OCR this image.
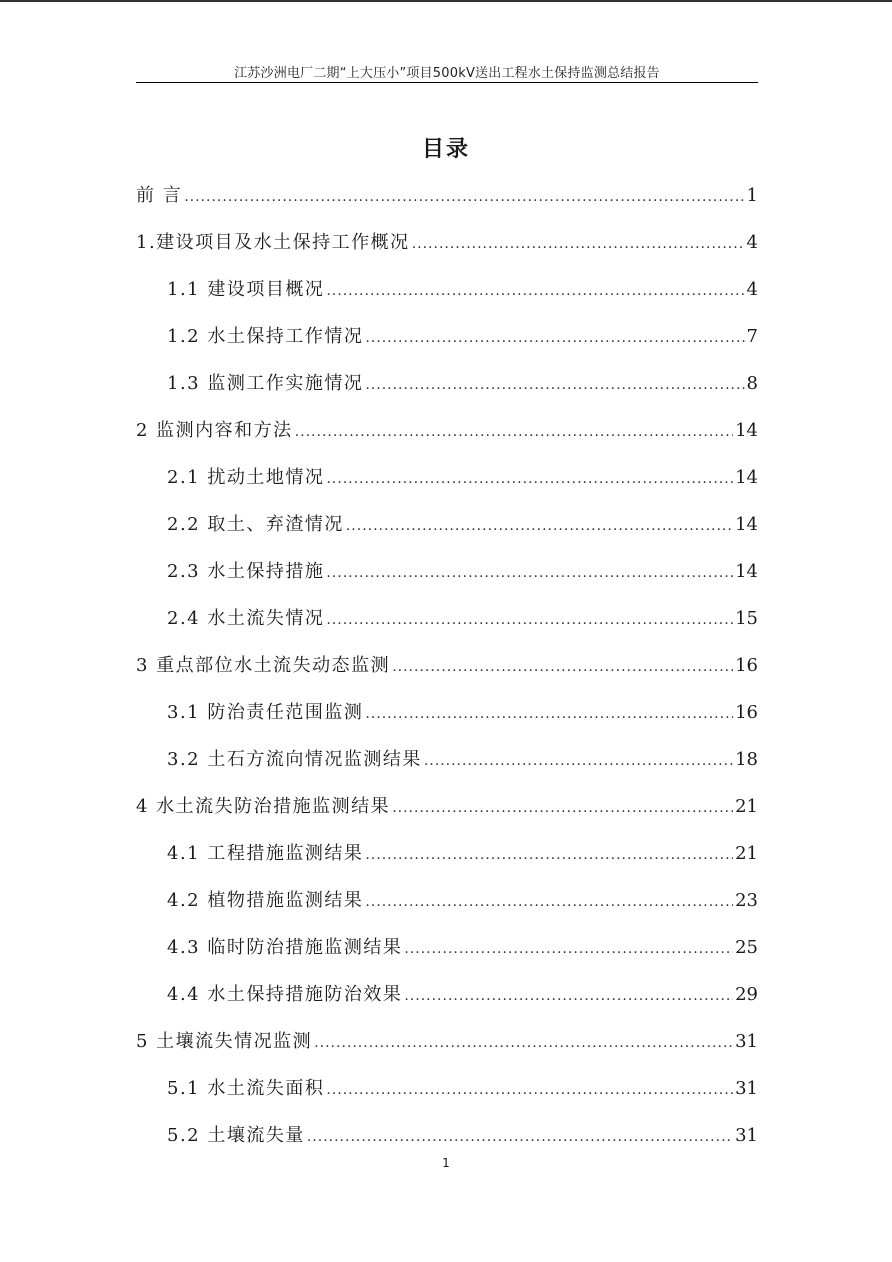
江苏沙洲电厂二期“上大压小”项目500kV送出工程水土保持监测总结报告
目录
前 言 .....	1
1.建设项目及水土保持工作概况 .....	4
1.1 建设项目概况 .....	4
1.2 水土保持工作情况 .....	7
1.3 监测工作实施情况 .....	8
2 监测内容和方法 .....	14
2.1 扰动土地情况 .....	14
2.2 取土、弃渣情况 .....	14
2.3 水土保持措施 .....	14
2.4 水土流失情况 .....	15
3 重点部位水土流失动态监测 .....	16
3.1 防治责任范围监测 .....	16
3.2 土石方流向情况监测结果 .....	18
4 水土流失防治措施监测结果 .....	21
4.1 工程措施监测结果 .....	21
4.2 植物措施监测结果 .....	23
4.3 临时防治措施监测结果 .....	25
4.4 水土保持措施防治效果 .....	29
5 土壤流失情况监测 .....	31
5.1 水土流失面积 .....	31
5.2 土壤流失量 .....	31
1
